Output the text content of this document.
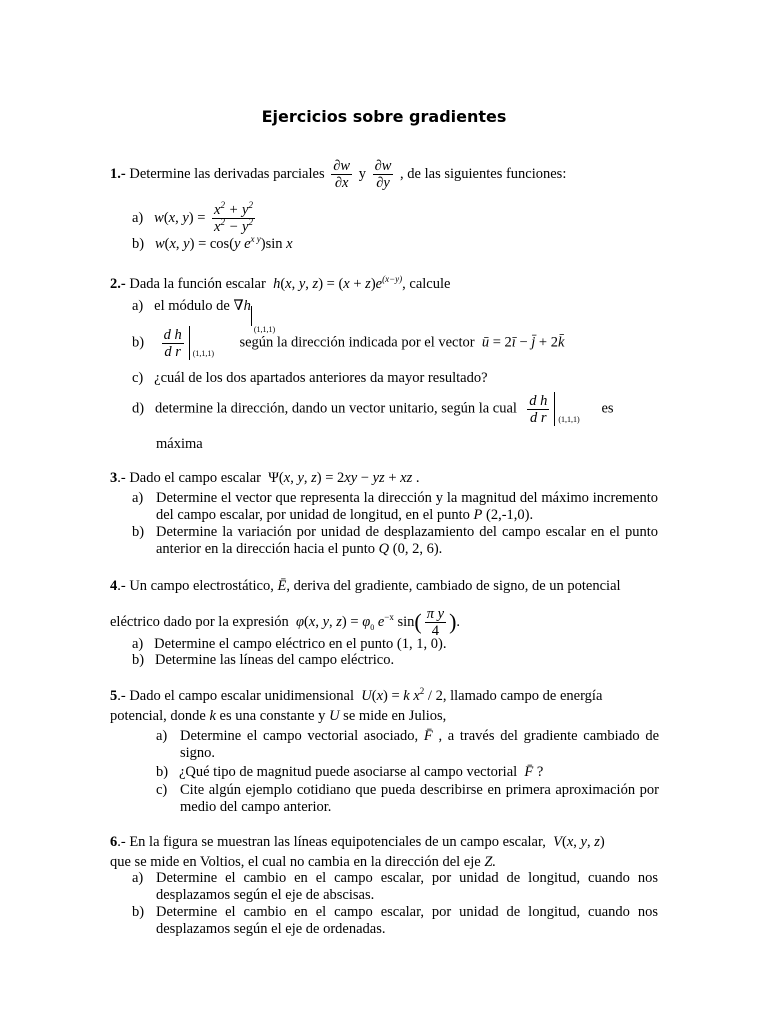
Ejercicios sobre gradientes
1.- Determine las derivadas parciales $\frac{\partial w}{\partial x}$ y $\frac{\partial w}{\partial y}$ , de las siguientes funciones:
a) w(x, $y) = \frac{x^2 + y^2}{x^2 - y^2}$
b) w(x, y) = cos(y $e^{x y})\sin$ x
2.- Dada la función escalar h(x, y, $z) = (x + z)e^{(x-y)}$, calcule
a) el módulo de $\nabla h_{(1,1,1)}$
$b) \frac{\text{d h}}{\text{d r}} (1,1,1)$
según la dirección indicada por el vector ū = 2ī − j̄ + 2k̄
c) ¿cuál de los dos apartados anteriores da mayor resultado?
d) determine la dirección, dando un vector unitario, según la cual $\frac{\text{d h}}{\text{d r}} (1,1,1)$
es
máxima
3.- Dado el campo escalar  Ψ(x, y, z) = 2xy − yz + xz .
a) Determine el vector que representa la dirección y la magnitud del máximo incremento del campo escalar, por unidad de longitud, en el punto P (2,-1,0).
b) Determine la variación por unidad de desplazamiento del campo escalar en el punto anterior en la dirección hacia el punto Q (0, 2, 6).
4.- Un campo electrostático, Ē, deriva del gradiente, cambiado de signo, de un potencial
eléctrico dado por la expresión φ(x, y, $z) = \varphi_0$ $e^{-x}$ $\sin( \frac{\text{π y}}{4}$ ).
a) Determine el campo eléctrico en el punto (1, 1, 0).
b) Determine las líneas del campo eléctrico.
5.- Dado el campo escalar unidimensional U(x) = k $x^2 / 2$, llamado campo de energía
potencial, donde k es una constante y U se mide en Julios,
a) Determine el campo vectorial asociado, F̄ , a través del gradiente cambiado de signo.
b) ¿Qué tipo de magnitud puede asociarse al campo vectorial F̄ ?
c) Cite algún ejemplo cotidiano que pueda describirse en primera aproximación por medio del campo anterior.
6.- En la figura se muestran las líneas equipotenciales de un campo escalar, V(x, y, z)
que se mide en Voltios, el cual no cambia en la dirección del eje Z.
a) Determine el cambio en el campo escalar, por unidad de longitud, cuando nos desplazamos según el eje de abscisas.
b) Determine el cambio en el campo escalar, por unidad de longitud, cuando nos desplazamos según el eje de ordenadas.
